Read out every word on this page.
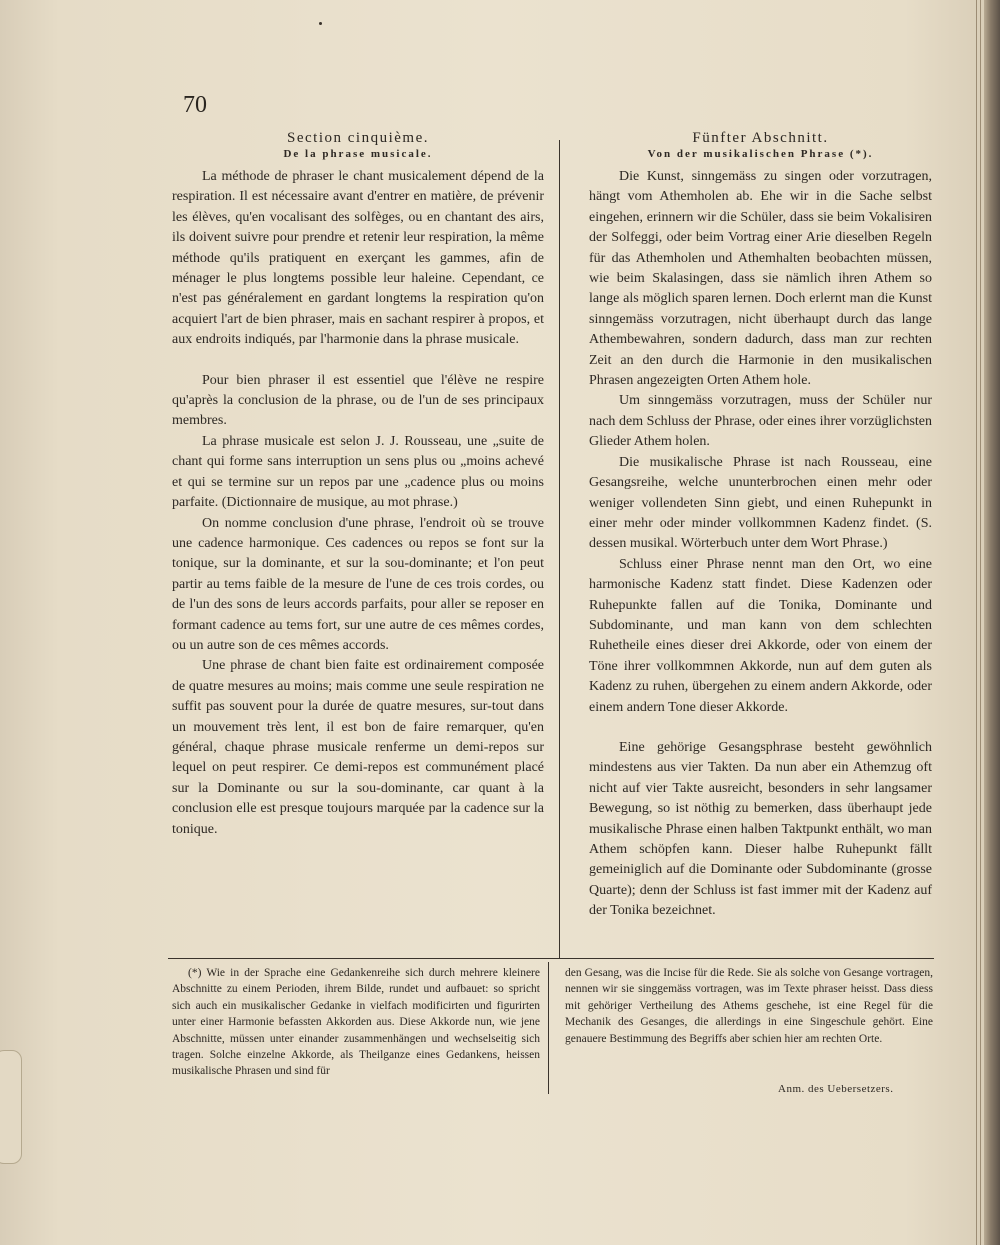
70
Section cinquième.
De la phrase musicale.

La méthode de phraser le chant musicalement dépend de la respiration. Il est nécessaire avant d'entrer en matière, de prévenir les élèves, qu'en vocalisant des solfèges, ou en chantant des airs, ils doivent suivre pour prendre et retenir leur respiration, la même méthode qu'ils pratiquent en exerçant les gammes, afin de ménager le plus longtems possible leur haleine. Cependant, ce n'est pas généralement en gardant longtems la respiration qu'on acquiert l'art de bien phraser, mais en sachant respirer à propos, et aux endroits indiqués, par l'harmonie dans la phrase musicale.

Pour bien phraser il est essentiel que l'élève ne respire qu'après la conclusion de la phrase, ou de l'un de ses principaux membres.

La phrase musicale est selon J. J. Rousseau, une „suite de chant qui forme sans interruption un sens plus ou „moins achevé et qui se termine sur un repos par une „cadence plus ou moins parfaite. (Dictionnaire de musique, au mot phrase.)

On nomme conclusion d'une phrase, l'endroit où se trouve une cadence harmonique. Ces cadences ou repos se font sur la tonique, sur la dominante, et sur la sou-dominante; et l'on peut partir au tems faible de la mesure de l'une de ces trois cordes, ou de l'un des sons de leurs accords parfaits, pour aller se reposer en formant cadence au tems fort, sur une autre de ces mêmes cordes, ou un autre son de ces mêmes accords.

Une phrase de chant bien faite est ordinairement composée de quatre mesures au moins; mais comme une seule respiration ne suffit pas souvent pour la durée de quatre mesures, sur-tout dans un mouvement très lent, il est bon de faire remarquer, qu'en général, chaque phrase musicale renferme un demi-repos sur lequel on peut respirer. Ce demi-repos est communément placé sur la Dominante ou sur la sou-dominante, car quant à la conclusion elle est presque toujours marquée par la cadence sur la tonique.

Fünfter Abschnitt.
Von der musikalischen Phrase (*).

Die Kunst, sinngemäss zu singen oder vorzutragen, hängt vom Athemholen ab. Ehe wir in die Sache selbst eingehen, erinnern wir die Schüler, dass sie beim Vokalisiren der Solfeggi, oder beim Vortrag einer Arie dieselben Regeln für das Athemholen und Athemhalten beobachten müssen, wie beim Skalasingen, dass sie nämlich ihren Athem so lange als möglich sparen lernen. Doch erlernt man die Kunst sinngemäss vorzutragen, nicht überhaupt durch das lange Athembewahren, sondern dadurch, dass man zur rechten Zeit an den durch die Harmonie in den musikalischen Phrasen angezeigten Orten Athem hole.

Um sinngemäss vorzutragen, muss der Schüler nur nach dem Schluss der Phrase, oder eines ihrer vorzüglichsten Glieder Athem holen.

Die musikalische Phrase ist nach Rousseau, eine Gesangsreihe, welche ununterbrochen einen mehr oder weniger vollendeten Sinn giebt, und einen Ruhepunkt in einer mehr oder minder vollkommnen Kadenz findet. (S. dessen musikal. Wörterbuch unter dem Wort Phrase.)

Schluss einer Phrase nennt man den Ort, wo eine harmonische Kadenz statt findet. Diese Kadenzen oder Ruhepunkte fallen auf die Tonika, Dominante und Subdominante, und man kann von dem schlechten Ruhetheile eines dieser drei Akkorde, oder von einem der Töne ihrer vollkommnen Akkorde, nun auf dem guten als Kadenz zu ruhen, übergehen zu einem andern Akkorde, oder einem andern Tone dieser Akkorde.

Eine gehörige Gesangsphrase besteht gewöhnlich mindestens aus vier Takten. Da nun aber ein Athemzug oft nicht auf vier Takte ausreicht, besonders in sehr langsamer Bewegung, so ist nöthig zu bemerken, dass überhaupt jede musikalische Phrase einen halben Taktpunkt enthält, wo man Athem schöpfen kann. Dieser halbe Ruhepunkt fällt gemeiniglich auf die Dominante oder Subdominante (grosse Quarte); denn der Schluss ist fast immer mit der Kadenz auf der Tonika bezeichnet.

(*) Wie in der Sprache eine Gedankenreihe sich durch mehrere kleinere Abschnitte zu einem Perioden, ihrem Bilde, rundet und aufbauet: so spricht sich auch ein musikalischer Gedanke in vielfach modificirten und figurirten unter einer Harmonie befassten Akkorden aus. Diese Akkorde nun, wie jene Abschnitte, müssen unter einander zusammenhängen und wechselseitig sich tragen. Solche einzelne Akkorde, als Theilganze eines Gedankens, heissen musikalische Phrasen und sind für
den Gesang, was die Incise für die Rede. Sie als solche von Gesange vortragen, nennen wir sie singgemäss vortragen, was im Texte phraser heisst. Dass diess mit gehöriger Vertheilung des Athems geschehe, ist eine Regel für die Mechanik des Gesanges, die allerdings in eine Singeschule gehört. Eine genauere Bestimmung des Begriffs aber schien hier am rechten Orte.
Anm. des Uebersetzers.
